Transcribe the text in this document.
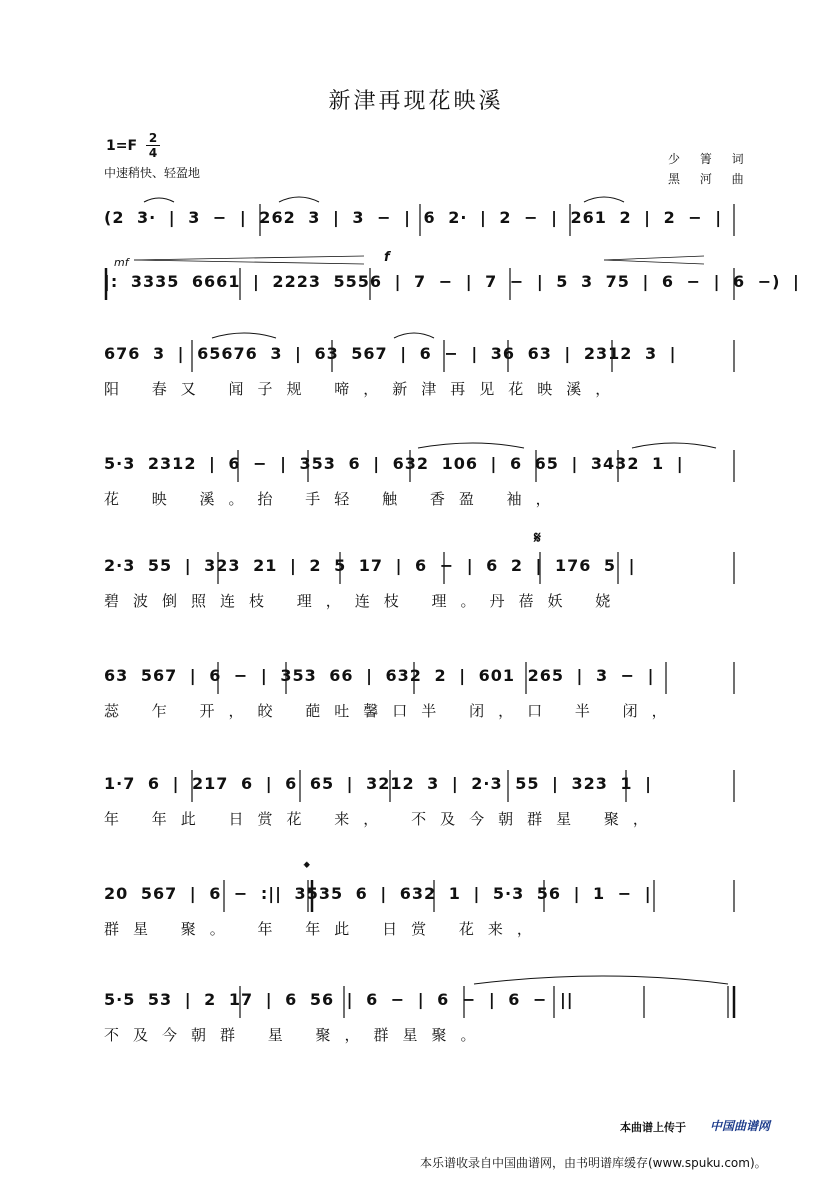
新津再现花映溪
1=F 2
4
中速稍快、轻盈地
少 箐 词
黑 河 曲
(2 3· | 3 − | 262 3 | 3 − | 6 2· | 2 − | 261 2 | 2 − |
mf	f
|: 3335 6661 | 2223 5556 | 7 − | 7 − | 5 3 75 | 6 − | 6 −) |
676 3 | 65676 3 | 63 567 | 6 − | 36 63 | 2312 3 |
阳 春又 闻子规 啼，新津再见花映溪，
5·3 2312 | 6 − | 353 6 | 632 106 | 6 65 | 3432 1 |
花 映 溪。抬 手轻 触 香盈 袖，
𝄋
2·3 55 | 323 21 | 2 5 17 | 6 − | 6 2 | 176 5 |
碧波倒照连枝 理，连枝 理。丹蓓妖 娆
63 567 | 6 − | 353 66 | 632 2 | 601 265 | 3 − |
蕊 乍 开，皎 葩吐馨口半 闭，口 半 闭，
1·7 6 | 217 6 | 6 65 | 3212 3 | 2·3 55 | 323 1 |
年 年此 日赏花 来， 不及今朝群星 聚，
𝄌
20 567 | 6 − :|| 3535 6 | 632 1 | 5·3 56 | 1 − |
群星 聚。 年 年此 日赏 花来，
5·5 53 | 2 17 | 6 56 | 6 − | 6 − | 6 − ||
不及今朝群 星 聚，群星聚。
本曲谱上传于 中国曲谱网
本乐谱收录自中国曲谱网，由书明谱库缓存(www.spuku.com)。
